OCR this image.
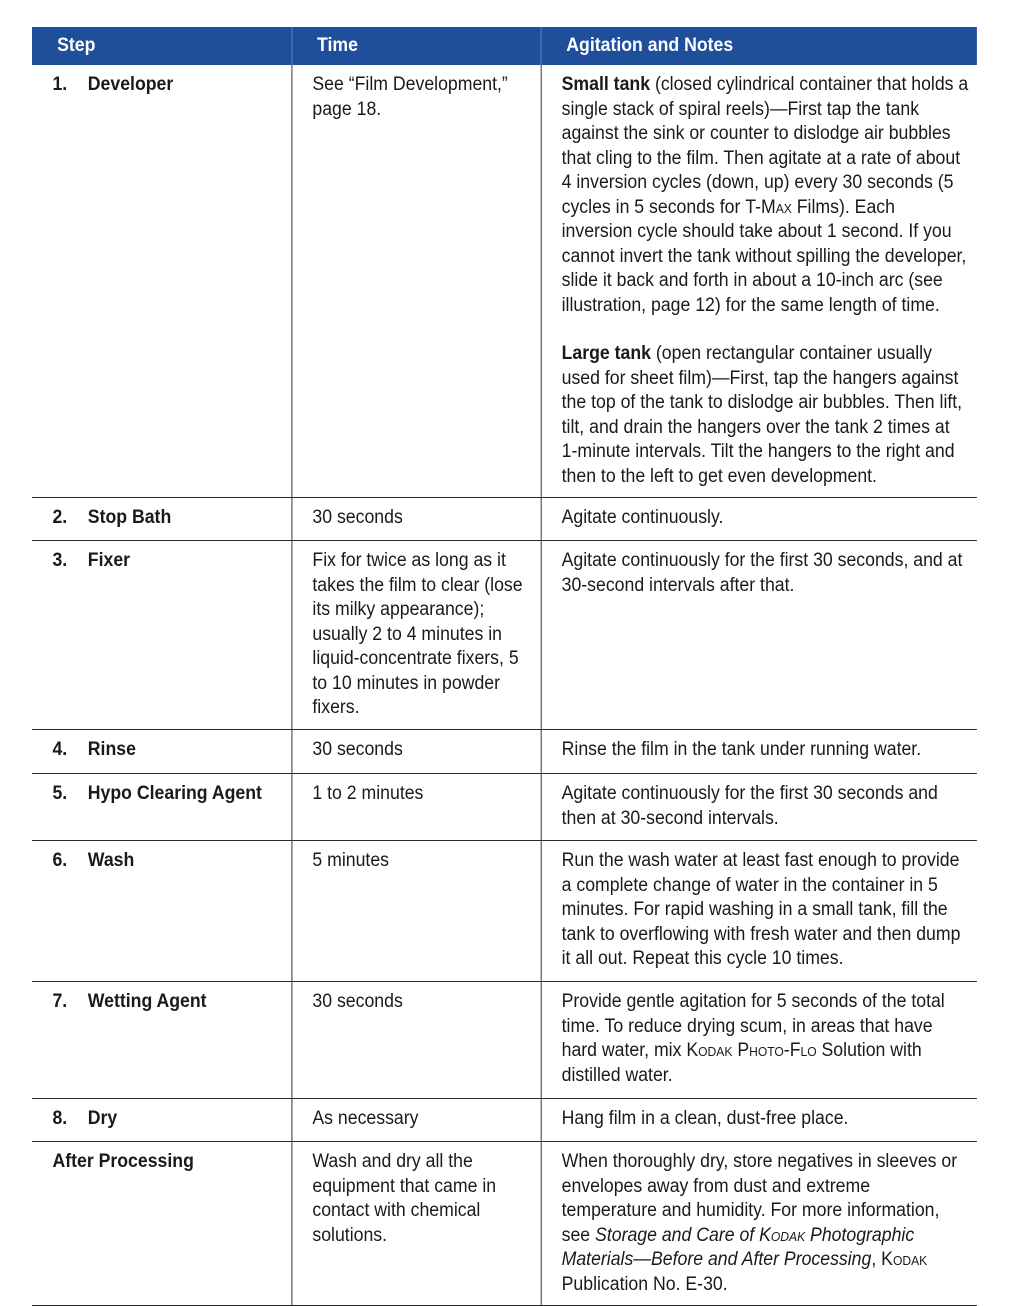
Step	Time	Agitation and Notes
1. Developer	See “Film Development,” page 18.	Small tank (closed cylindrical container that holds a single stack of spiral reels)—First tap the tank against the sink or counter to dislodge air bubbles that cling to the film. Then agitate at a rate of about 4 inversion cycles (down, up) every 30 seconds (5 cycles in 5 seconds for T-Max Films). Each inversion cycle should take about 1 second. If you cannot invert the tank without spilling the developer, slide it back and forth in about a 10-inch arc (see illustration, page 12) for the same length of time.

Large tank (open rectangular container usually used for sheet film)—First, tap the hangers against the top of the tank to dislodge air bubbles. Then lift, tilt, and drain the hangers over the tank 2 times at 1-minute intervals. Tilt the hangers to the right and then to the left to get even development.

2. Stop Bath	30 seconds	Agitate continuously.
3. Fixer	Fix for twice as long as it takes the film to clear (lose its milky appearance); usually 2 to 4 minutes in liquid-concentrate fixers, 5 to 10 minutes in powder fixers.	Agitate continuously for the first 30 seconds, and at 30-second intervals after that.
4. Rinse	30 seconds	Rinse the film in the tank under running water.
5. Hypo Clearing Agent	1 to 2 minutes	Agitate continuously for the first 30 seconds and then at 30-second intervals.
6. Wash	5 minutes	Run the wash water at least fast enough to provide a complete change of water in the container in 5 minutes. For rapid washing in a small tank, fill the tank to overflowing with fresh water and then dump it all out. Repeat this cycle 10 times.
7. Wetting Agent	30 seconds	Provide gentle agitation for 5 seconds of the total time. To reduce drying scum, in areas that have hard water, mix Kodak Photo-Flo Solution with distilled water.
8. Dry	As necessary	Hang film in a clean, dust-free place.
After Processing	Wash and dry all the equipment that came in contact with chemical solutions.	When thoroughly dry, store negatives in sleeves or envelopes away from dust and extreme temperature and humidity. For more information, see Storage and Care of Kodak Photographic Materials—Before and After Processing, Kodak Publication No. E-30.
